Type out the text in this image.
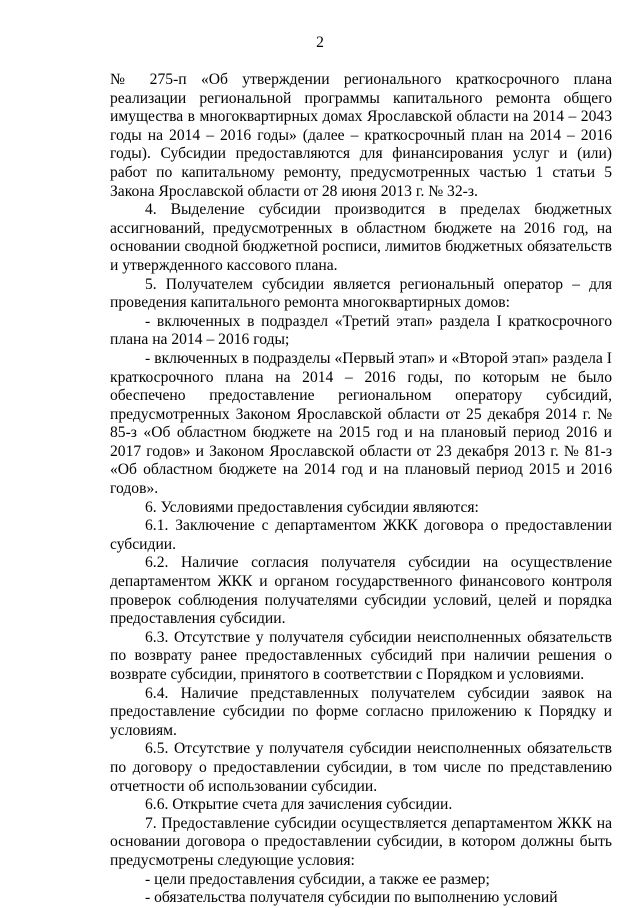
2

№ 275-п «Об утверждении регионального краткосрочного плана реализации региональной программы капитального ремонта общего имущества в многоквартирных домах Ярославской области на 2014 – 2043 годы на 2014 – 2016 годы» (далее – краткосрочный план на 2014 – 2016 годы). Субсидии предоставляются для финансирования услуг и (или) работ по капитальному ремонту, предусмотренных частью 1 статьи 5 Закона Ярославской области от 28 июня 2013 г. № 32-з.

4. Выделение субсидии производится в пределах бюджетных ассигнований, предусмотренных в областном бюджете на 2016 год, на основании сводной бюджетной росписи, лимитов бюджетных обязательств и утвержденного кассового плана.

5. Получателем субсидии является региональный оператор – для проведения капитального ремонта многоквартирных домов:

- включенных в подраздел «Третий этап» раздела I краткосрочного плана на 2014 – 2016 годы;

- включенных в подразделы «Первый этап» и «Второй этап» раздела I краткосрочного плана на 2014 – 2016 годы, по которым не было обеспечено предоставление региональном оператору субсидий, предусмотренных Законом Ярославской области от 25 декабря 2014 г. № 85-з «Об областном бюджете на 2015 год и на плановый период 2016 и 2017 годов» и Законом Ярославской области от 23 декабря 2013 г. № 81-з «Об областном бюджете на 2014 год и на плановый период 2015 и 2016 годов».

6. Условиями предоставления субсидии являются:

6.1. Заключение с департаментом ЖКК договора о предоставлении субсидии.

6.2. Наличие согласия получателя субсидии на осуществление департаментом ЖКК и органом государственного финансового контроля проверок соблюдения получателями субсидии условий, целей и порядка предоставления субсидии.

6.3. Отсутствие у получателя субсидии неисполненных обязательств по возврату ранее предоставленных субсидий при наличии решения о возврате субсидии, принятого в соответствии с Порядком и условиями.

6.4. Наличие представленных получателем субсидии заявок на предоставление субсидии по форме согласно приложению к Порядку и условиям.

6.5. Отсутствие у получателя субсидии неисполненных обязательств по договору о предоставлении субсидии, в том числе по представлению отчетности об использовании субсидии.

6.6. Открытие счета для зачисления субсидии.

7. Предоставление субсидии осуществляется департаментом ЖКК на основании договора о предоставлении субсидии, в котором должны быть предусмотрены следующие условия:

- цели предоставления субсидии, а также ее размер;

- обязательства получателя субсидии по выполнению условий
